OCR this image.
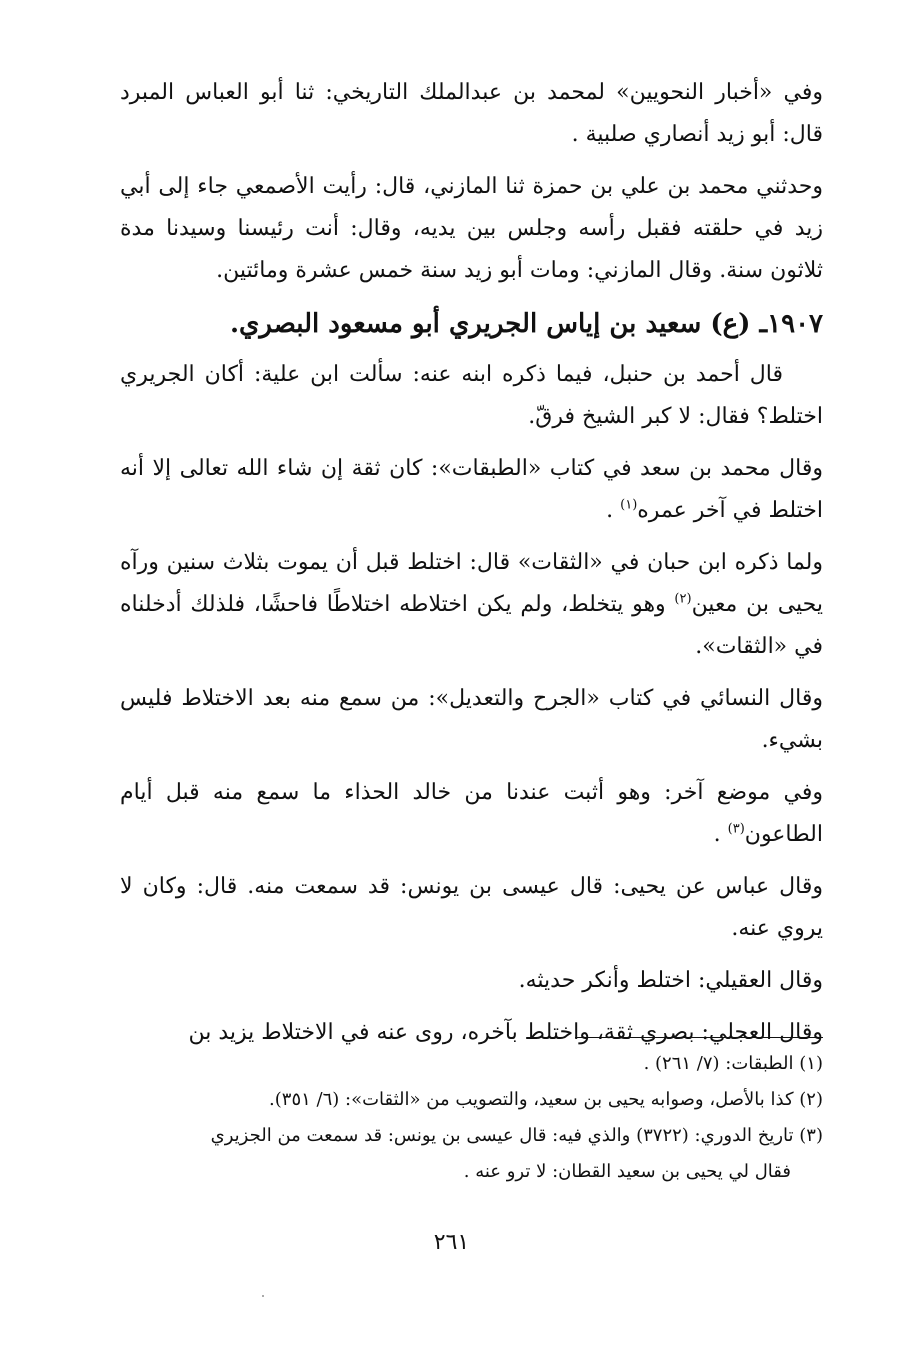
وفي «أخبار النحويين» لمحمد بن عبدالملك التاريخي: ثنا أبو العباس المبرد قال: أبو زيد أنصاري صلبية .

وحدثني محمد بن علي بن حمزة ثنا المازني، قال: رأيت الأصمعي جاء إلى أبي زيد في حلقته فقبل رأسه وجلس بين يديه، وقال: أنت رئيسنا وسيدنا مدة ثلاثون سنة. وقال المازني: ومات أبو زيد سنة خمس عشرة ومائتين.

١٩٠٧ـ (ع) سعيد بن إياس الجريري أبو مسعود البصري.

قال أحمد بن حنبل، فيما ذكره ابنه عنه: سألت ابن علية: أكان الجريري اختلط؟ فقال: لا كبر الشيخ فرقّ.

وقال محمد بن سعد في كتاب «الطبقات»: كان ثقة إن شاء الله تعالى إلا أنه اختلط في آخر عمره$^{(١)}$ .

ولما ذكره ابن حبان في «الثقات» قال: اختلط قبل أن يموت بثلاث سنين ورآه يحيى بن معين$^{(٢)}$ وهو يتخلط، ولم يكن اختلاطه اختلاطًا فاحشًا، فلذلك أدخلناه في «الثقات».

وقال النسائي في كتاب «الجرح والتعديل»: من سمع منه بعد الاختلاط فليس بشيء.

وفي موضع آخر: وهو أثبت عندنا من خالد الحذاء ما سمع منه قبل أيام الطاعون$^{(٣)}$ .

وقال عباس عن يحيى: قال عيسى بن يونس: قد سمعت منه. قال: وكان لا يروي عنه.

وقال العقيلي: اختلط وأنكر حديثه.

وقال العجلي: بصري ثقة، واختلط بآخره، روى عنه في الاختلاط يزيد بن

(١) الطبقات: (٧/ ٢٦١) .

(٢) كذا بالأصل، وصوابه يحيى بن سعيد، والتصويب من «الثقات»: (٦/ ٣٥١).

(٣) تاريخ الدوري: (٣٧٢٢) والذي فيه: قال عيسى بن يونس: قد سمعت من الجزيري

فقال لي يحيى بن سعيد القطان: لا ترو عنه .

٢٦١
